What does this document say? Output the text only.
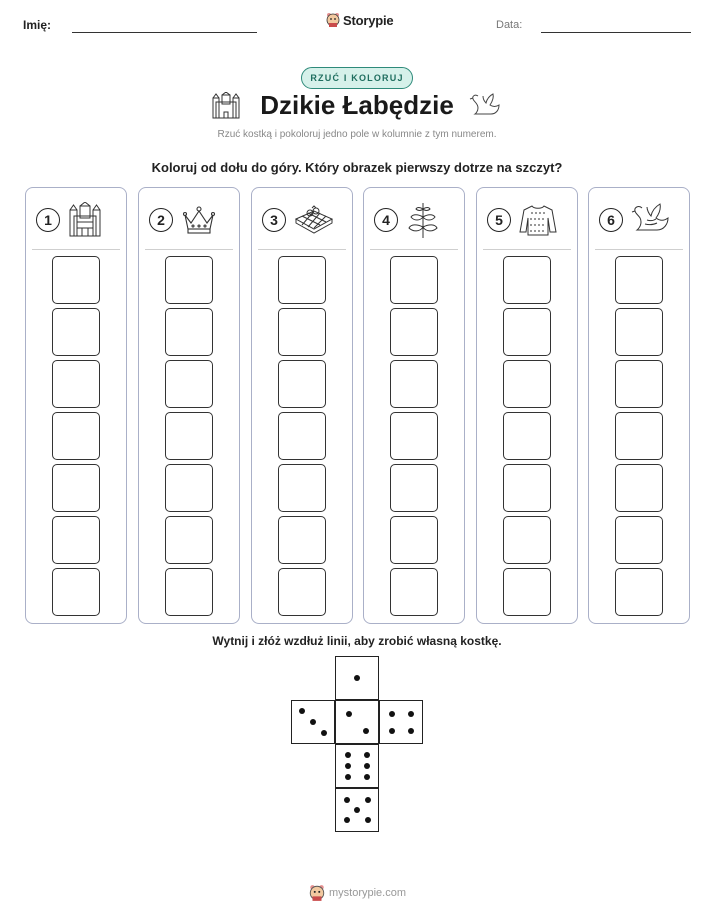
Imię:	Storypie	Data:
RZUĆ I KOLORUJ
Dzikie Łabędzie
Rzuć kostką i pokoloruj jedno pole w kolumnie z tym numerem.
Koloruj od dołu do góry. Który obrazek pierwszy dotrze na szczyt?
1	2	3	4	5	6
Wytnij i złóż wzdłuż linii, aby zrobić własną kostkę.
mystorypie.com
